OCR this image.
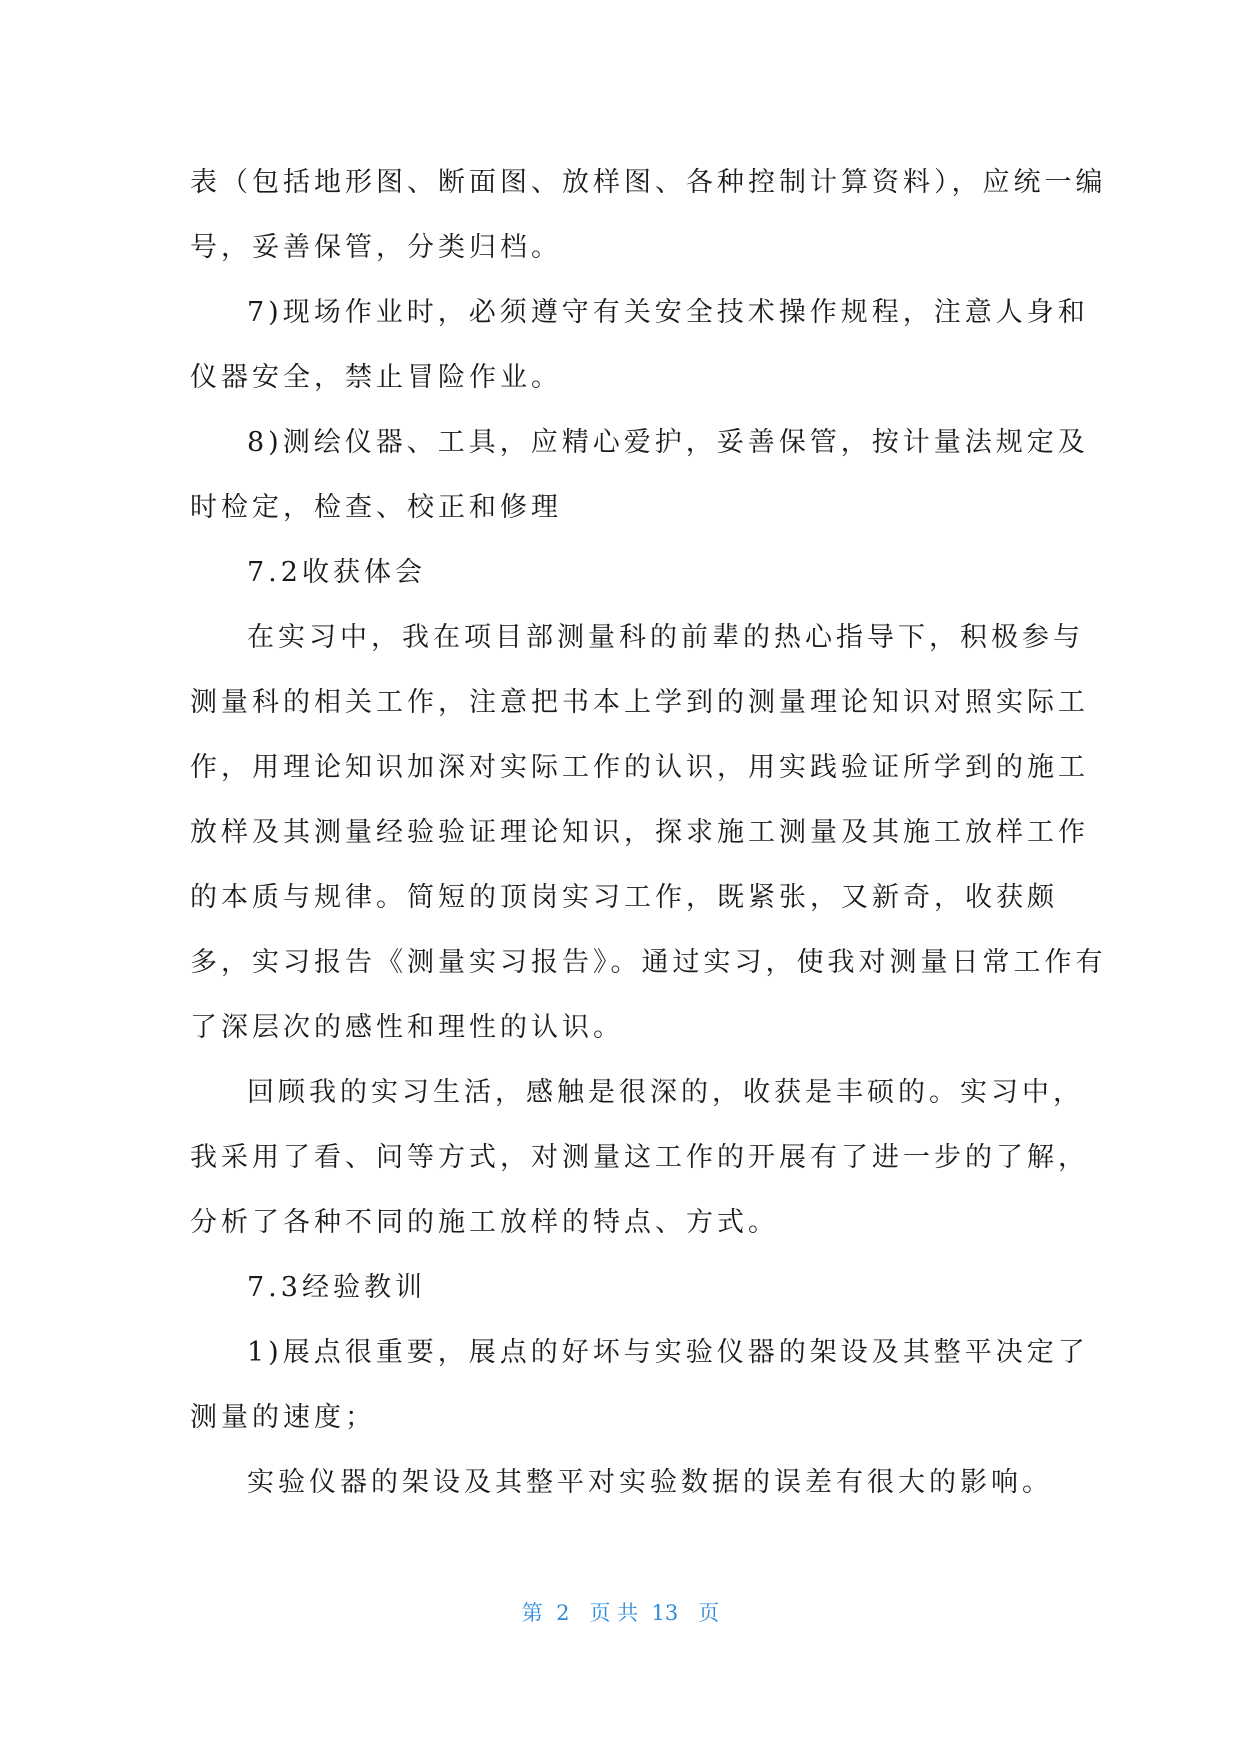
表（包括地形图、断面图、放样图、各种控制计算资料），应统一编
号，妥善保管，分类归档。
7)现场作业时，必须遵守有关安全技术操作规程，注意人身和
仪器安全，禁止冒险作业。
8)测绘仪器、工具，应精心爱护，妥善保管，按计量法规定及
时检定，检查、校正和修理
7.2收获体会
在实习中，我在项目部测量科的前辈的热心指导下，积极参与
测量科的相关工作，注意把书本上学到的测量理论知识对照实际工
作，用理论知识加深对实际工作的认识，用实践验证所学到的施工
放样及其测量经验验证理论知识，探求施工测量及其施工放样工作
的本质与规律。简短的顶岗实习工作，既紧张，又新奇，收获颇
多，实习报告《测量实习报告》。通过实习，使我对测量日常工作有
了深层次的感性和理性的认识。
回顾我的实习生活，感触是很深的，收获是丰硕的。实习中，
我采用了看、问等方式，对测量这工作的开展有了进一步的了解，
分析了各种不同的施工放样的特点、方式。
7.3经验教训
1)展点很重要，展点的好坏与实验仪器的架设及其整平决定了
测量的速度；
实验仪器的架设及其整平对实验数据的误差有很大的影响。
第  2   页 共  13   页
